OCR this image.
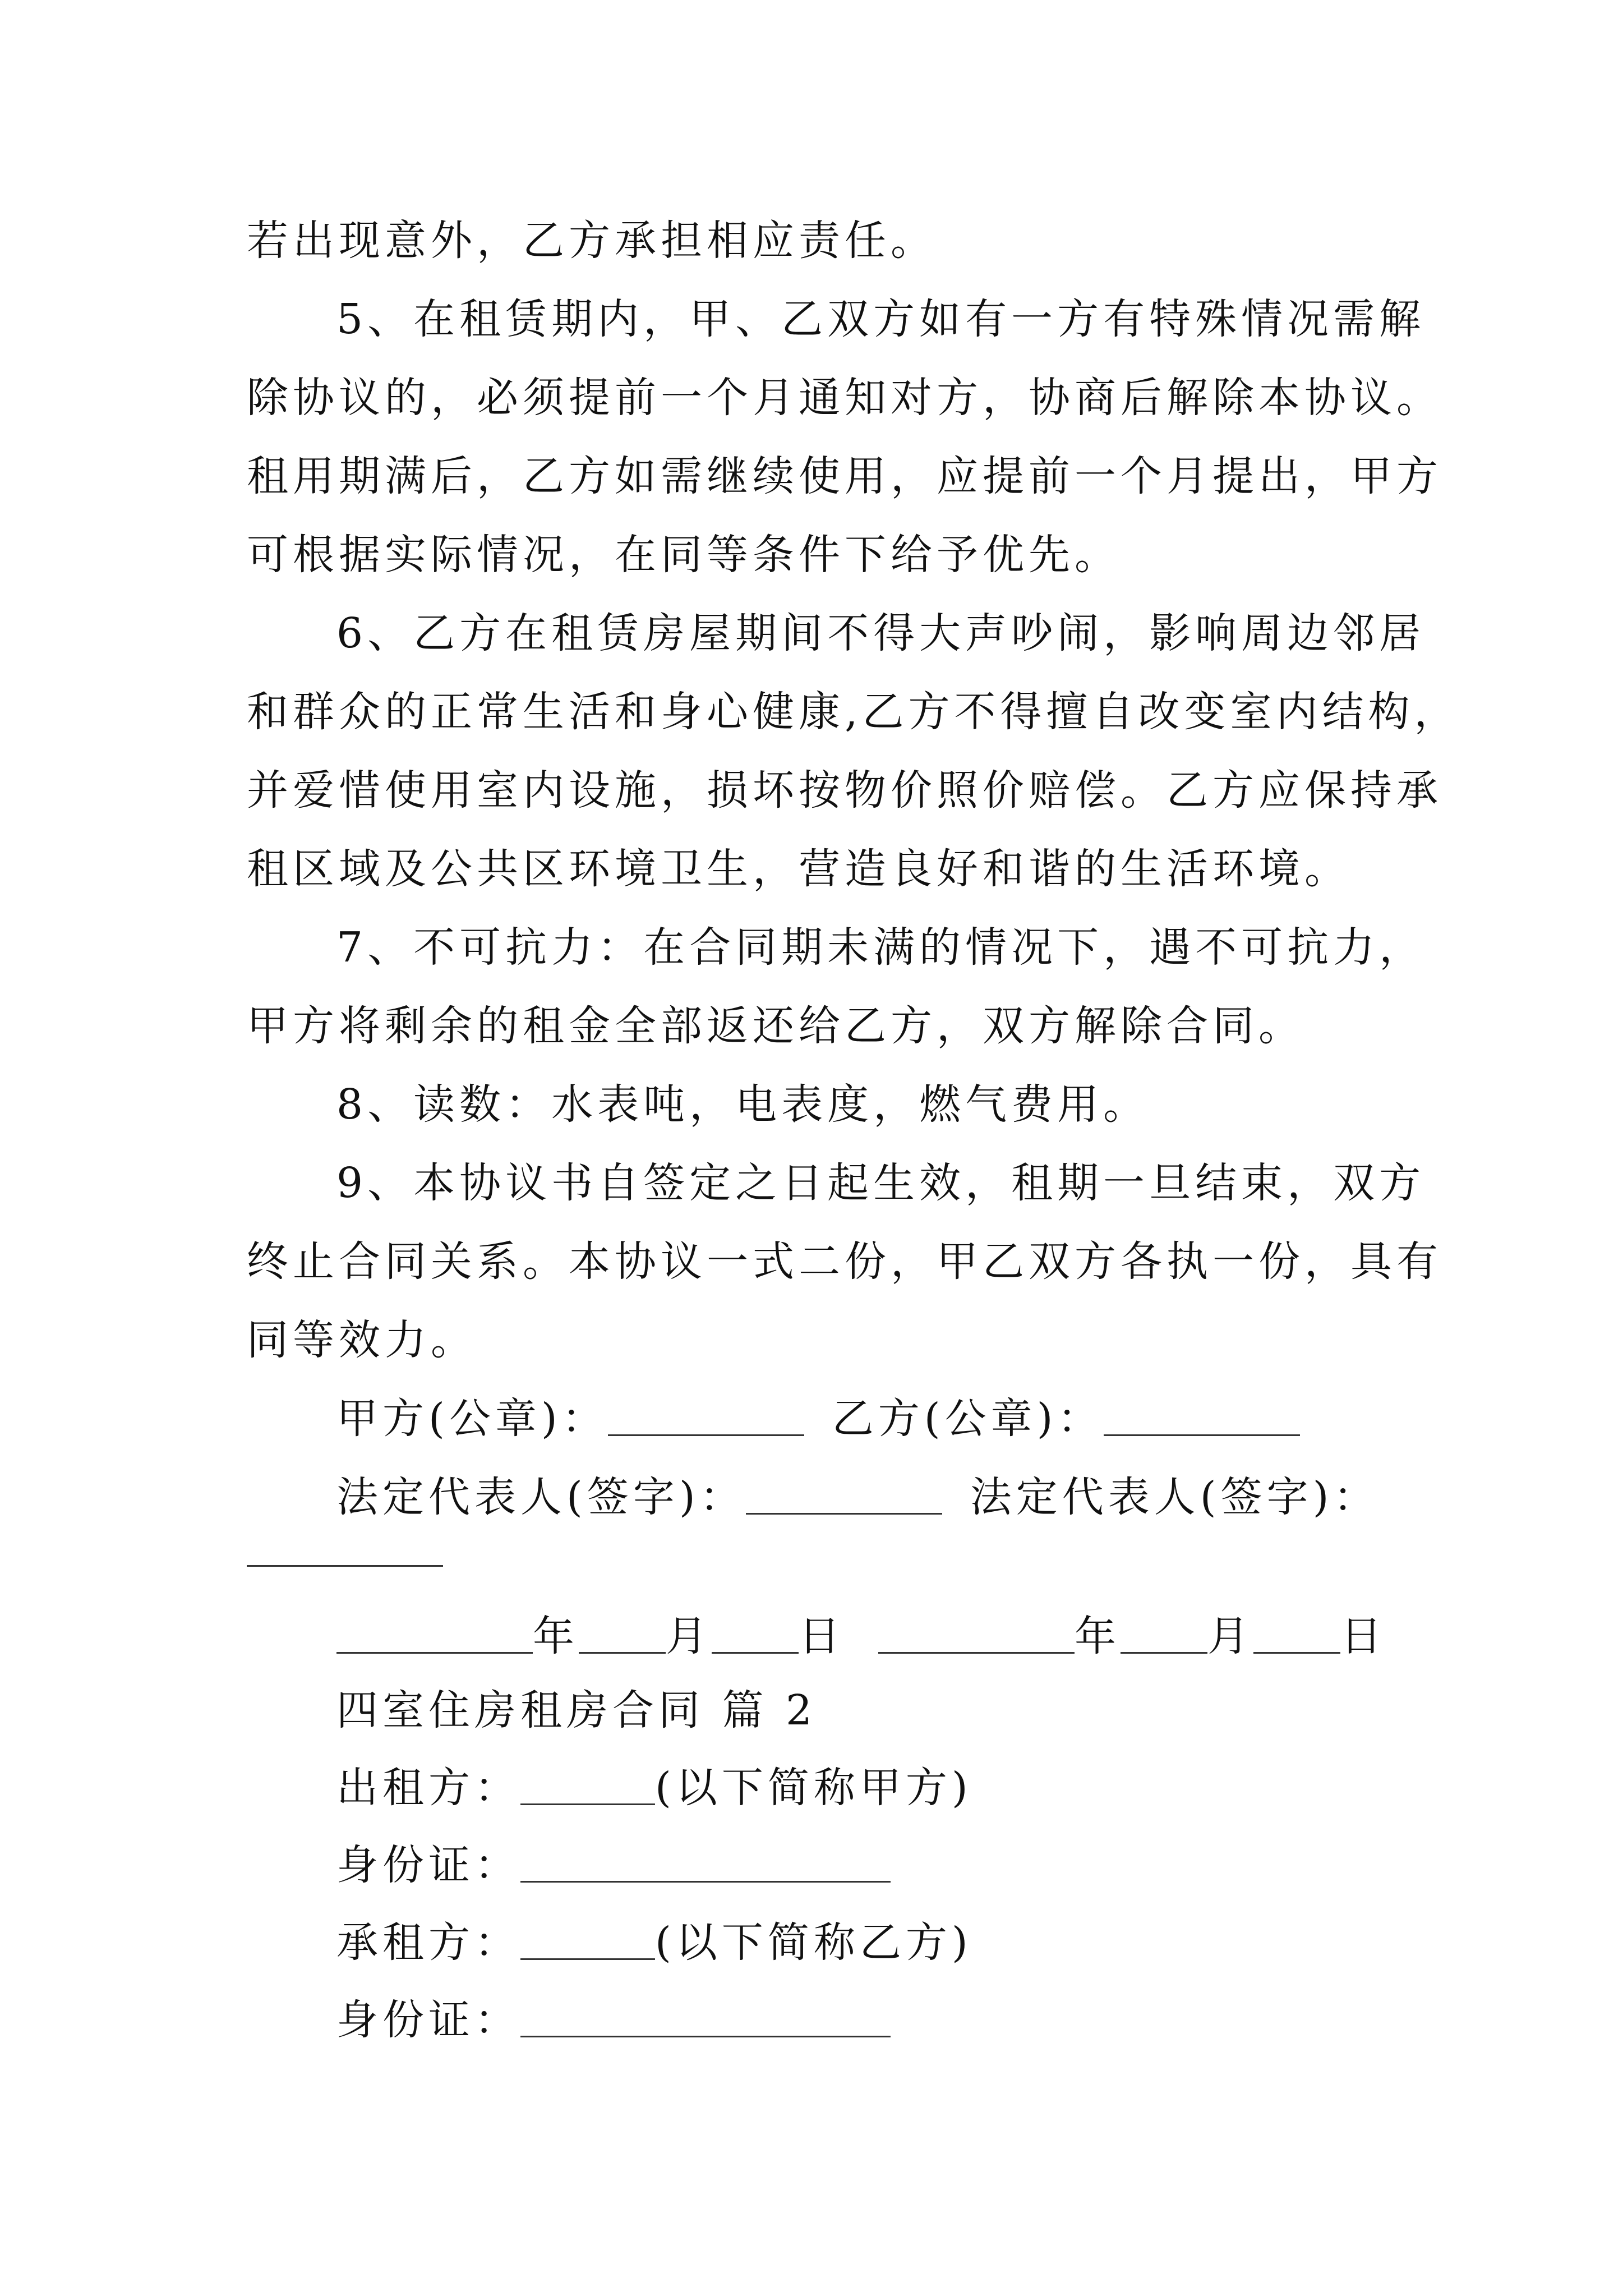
若出现意外，乙方承担相应责任。
5、在租赁期内，甲、乙双方如有一方有特殊情况需解
除协议的，必须提前一个月通知对方，协商后解除本协议。
租用期满后，乙方如需继续使用，应提前一个月提出，甲方
可根据实际情况，在同等条件下给予优先。
6、乙方在租赁房屋期间不得大声吵闹，影响周边邻居
和群众的正常生活和身心健康,乙方不得擅自改变室内结构，
并爱惜使用室内设施，损坏按物价照价赔偿。乙方应保持承
租区域及公共区环境卫生，营造良好和谐的生活环境。
7、不可抗力：在合同期未满的情况下，遇不可抗力，
甲方将剩余的租金全部返还给乙方，双方解除合同。
8、读数：水表吨，电表度，燃气费用。
9、本协议书自签定之日起生效，租期一旦结束，双方
终止合同关系。本协议一式二份，甲乙双方各执一份，具有
同等效力。
甲方(公章)：	乙方(公章)：
法定代表人(签字)：	法定代表人(签字)：
年 月 日	年 月 日
四室住房租房合同 篇 2
出租方：	(以下简称甲方)
身份证：
承租方：	(以下简称乙方)
身份证：
